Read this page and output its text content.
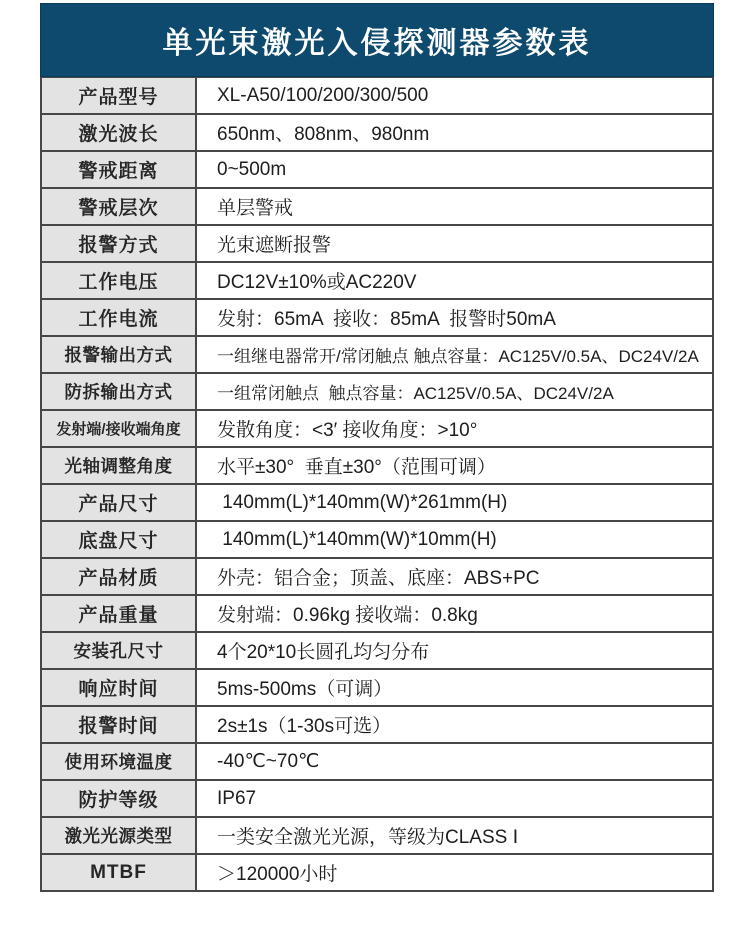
单光束激光入侵探测器参数表
产品型号	XL-A50/100/200/300/500
激光波长	650nm、808nm、980nm
警戒距离	0~500m
警戒层次	单层警戒
报警方式	光束遮断报警
工作电压	DC12V±10%或AC220V
工作电流	发射：65mA  接收：85mA  报警时50mA
报警输出方式	一组继电器常开/常闭触点 触点容量：AC125V/0.5A、DC24V/2A
防拆输出方式	一组常闭触点  触点容量：AC125V/0.5A、DC24V/2A
发射端/接收端角度	发散角度：<3′ 接收角度：>10°
光轴调整角度	水平±30°  垂直±30°（范围可调）
产品尺寸	140mm(L)*140mm(W)*261mm(H)
底盘尺寸	140mm(L)*140mm(W)*10mm(H)
产品材质	外壳：铝合金；顶盖、底座：ABS+PC
产品重量	发射端：0.96kg 接收端：0.8kg
安装孔尺寸	4个20*10长圆孔均匀分布
响应时间	5ms-500ms（可调）
报警时间	2s±1s（1-30s可选）
使用环境温度	-40℃~70℃
防护等级	IP67
激光光源类型	一类安全激光光源，等级为CLASS Ⅰ
MTBF	＞120000小时
